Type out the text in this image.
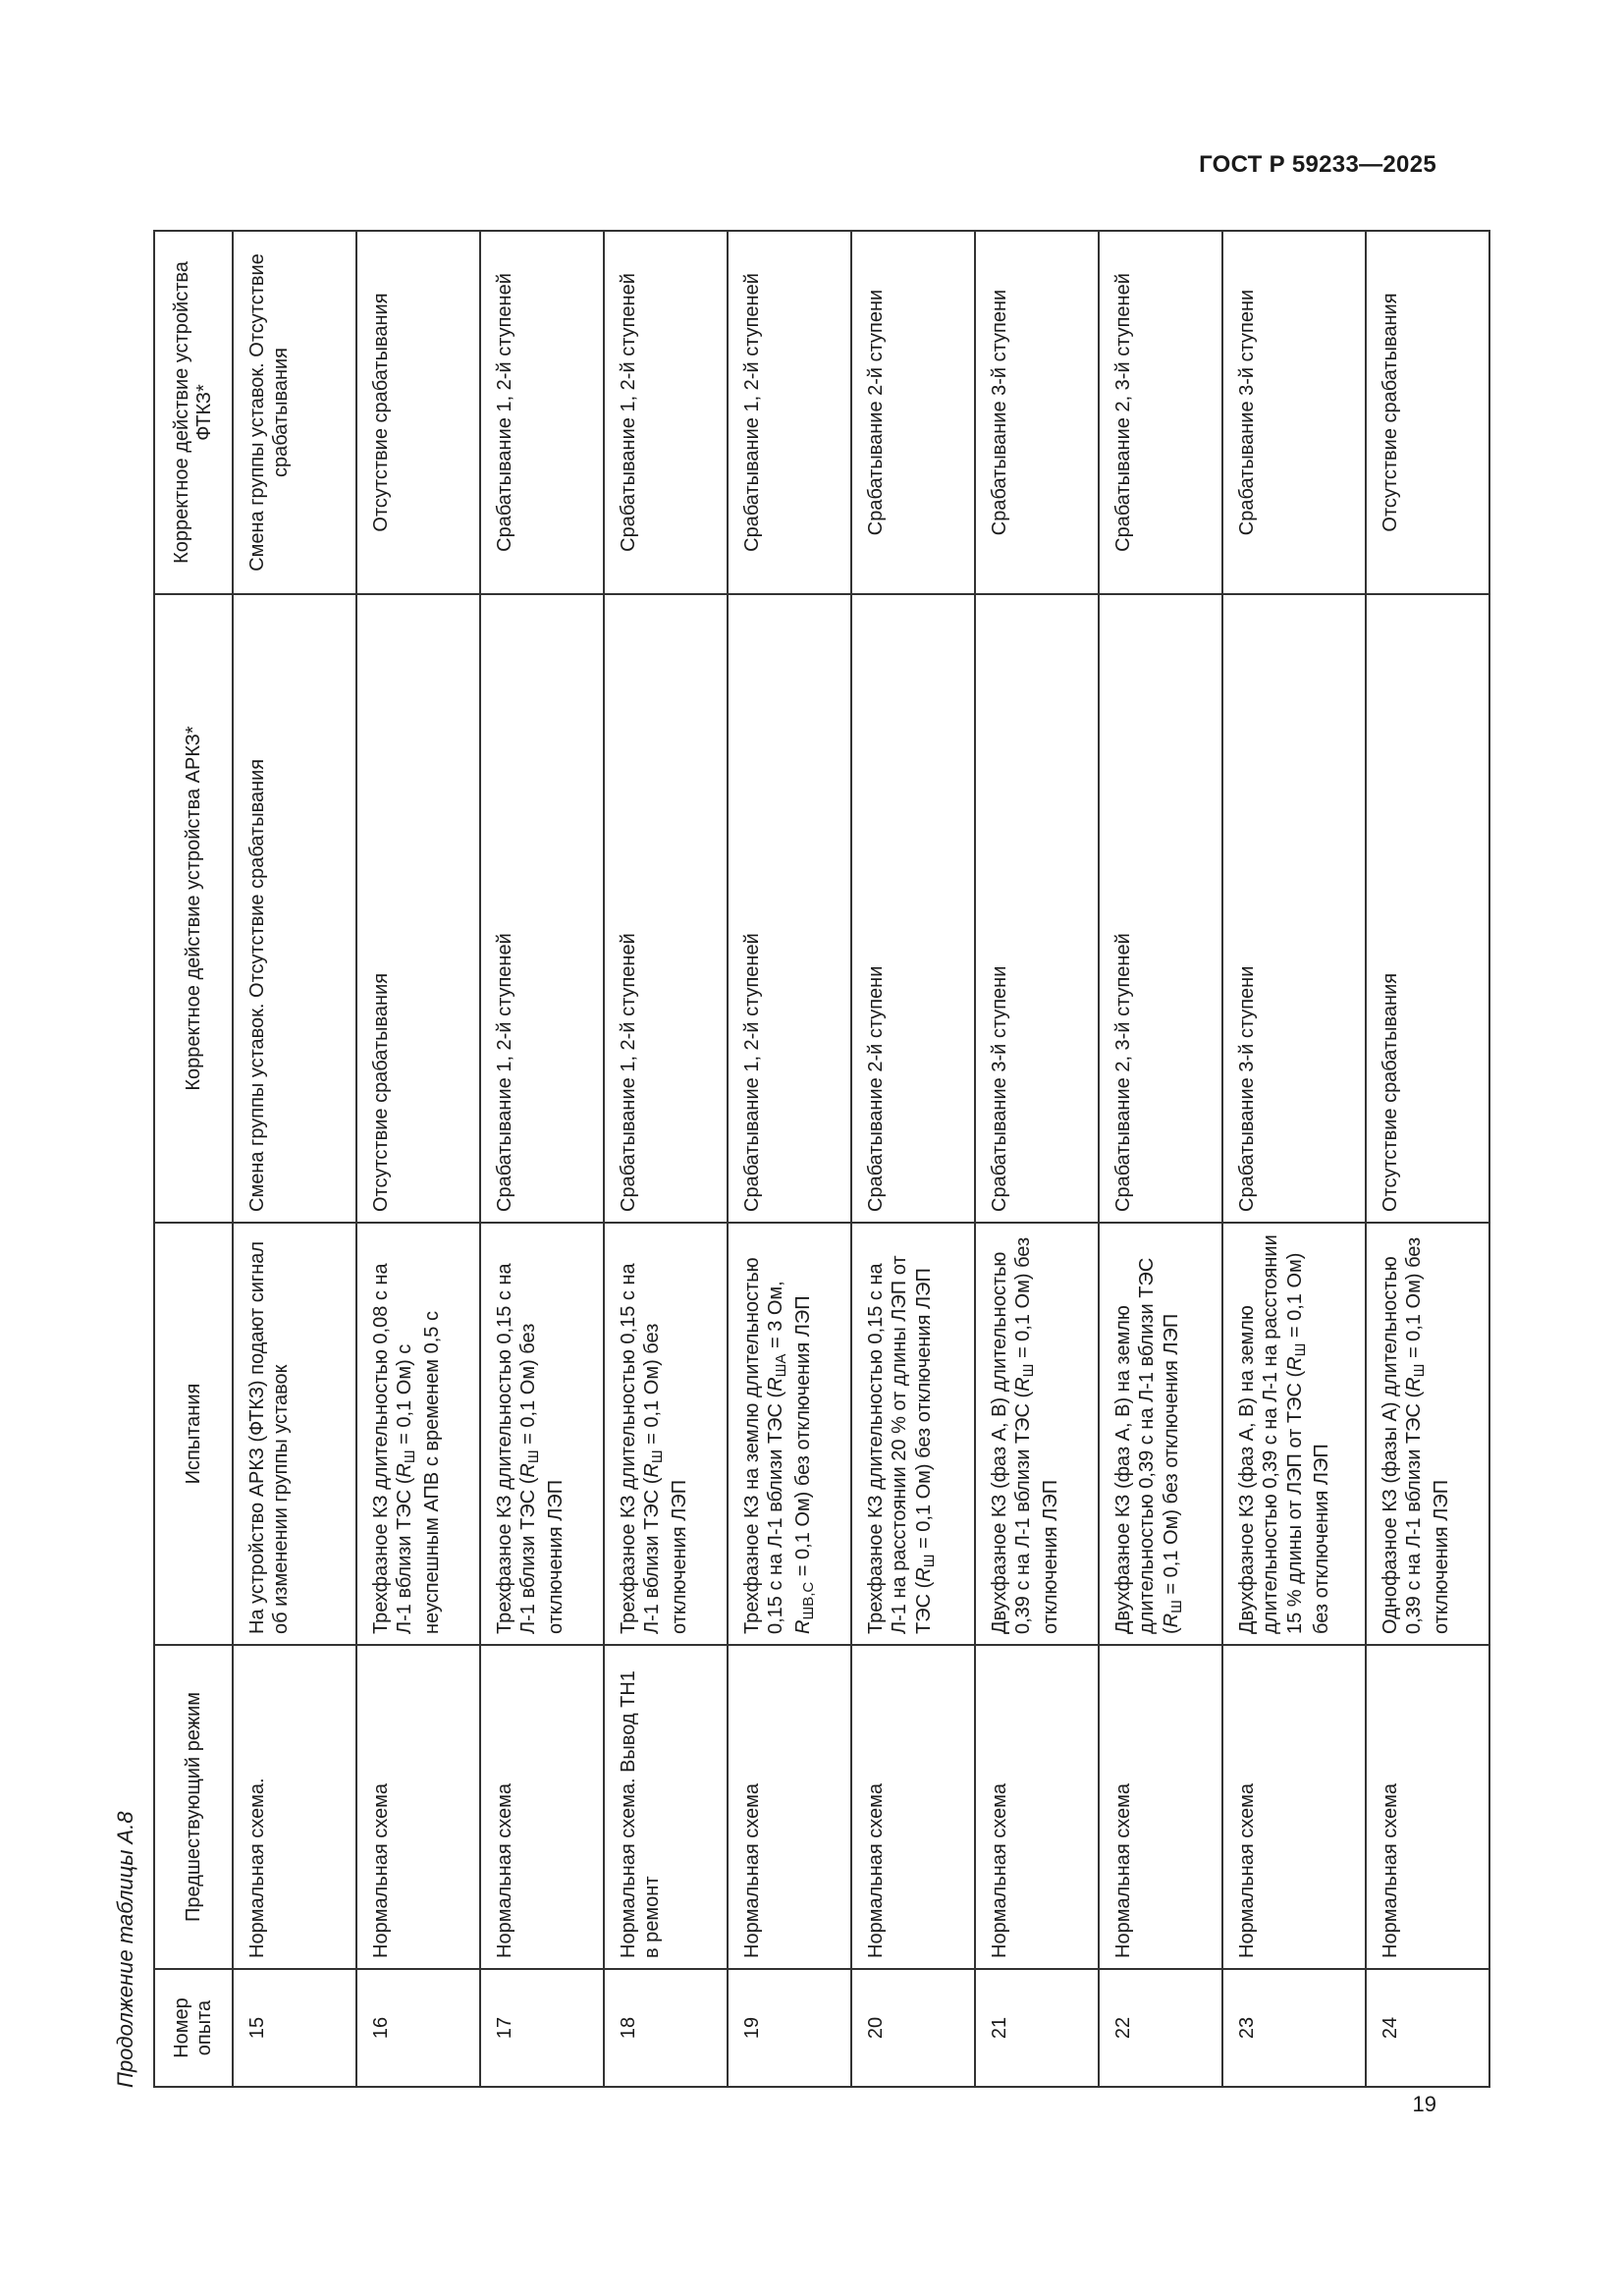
ГОСТ Р 59233—2025
Продолжение таблицы А.8	Номер опыта	Предшествующий режим	Испытания	Корректное действие устройства АРКЗ*	Корректное действие устройства ФТКЗ*
15	Нормальная схема.	На устройство АРКЗ (ФТКЗ) подают сигнал об изменении группы уставок	Смена группы уставок. Отсутствие срабатывания	Смена группы уставок. Отсутствие срабатывания
16	Нормальная схема	Трехфазное КЗ длительностью 0,08 с на Л-1 вблизи ТЭС ($R_Ш = 0,1$ Ом) с неуспешным АПВ с временем 0,5 с	Отсутствие срабатывания	Отсутствие срабатывания
17	Нормальная схема	Трехфазное КЗ длительностью 0,15 с на Л-1 вблизи ТЭС ($R_Ш = 0,1$ Ом) без отключения ЛЭП	Срабатывание 1, 2-й ступеней	Срабатывание 1, 2-й ступеней
18	Нормальная схема. Вывод ТН1 в ремонт	Трехфазное КЗ длительностью 0,15 с на Л-1 вблизи ТЭС ($R_Ш = 0,1$ Ом) без отключения ЛЭП	Срабатывание 1, 2-й ступеней	Срабатывание 1, 2-й ступеней
19	Нормальная схема	Трехфазное КЗ на землю длительностью 0,15 с на Л-1 вблизи ТЭС ($R_{ША} = 3$ Ом, $R_{ШВ,С} = 0,1$ Ом) без отключения ЛЭП	Срабатывание 1, 2-й ступеней	Срабатывание 1, 2-й ступеней
20	Нормальная схема	Трехфазное КЗ длительностью 0,15 с на Л-1 на расстоянии 20 % от длины ЛЭП от ТЭС ($R_Ш = 0,1$ Ом) без отключения ЛЭП	Срабатывание 2-й ступени	Срабатывание 2-й ступени
21	Нормальная схема	Двухфазное КЗ (фаз А, В) длительностью 0,39 с на Л-1 вблизи ТЭС ($R_Ш = 0,1$ Ом) без отключения ЛЭП	Срабатывание 3-й ступени	Срабатывание 3-й ступени
22	Нормальная схема	Двухфазное КЗ (фаз А, В) на землю длительностью 0,39 с на Л-1 вблизи ТЭС ($R_Ш = 0,1$ Ом) без отключения ЛЭП	Срабатывание 2, 3-й ступеней	Срабатывание 2, 3-й ступеней
23	Нормальная схема	Двухфазное КЗ (фаз А, В) на землю длительностью 0,39 с на Л-1 на расстоянии 15 % длины от ЛЭП от ТЭС ($R_Ш = 0,1$ Ом) без отключения ЛЭП	Срабатывание 3-й ступени	Срабатывание 3-й ступени
24	Нормальная схема	Однофазное КЗ (фазы А) длительностью 0,39 с на Л-1 вблизи ТЭС ($R_Ш = 0,1$ Ом) без отключения ЛЭП	Отсутствие срабатывания	Отсутствие срабатывания
19
